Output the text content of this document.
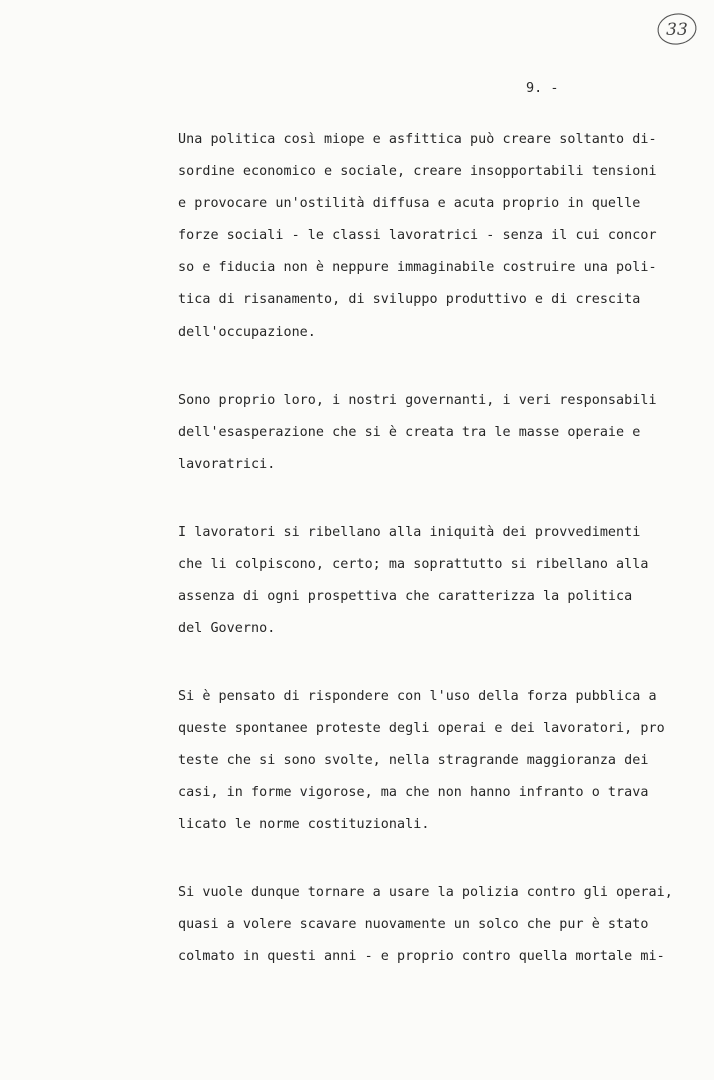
33
9. -
Una politica così miope e asfittica può creare soltanto di-
sordine economico e sociale, creare insopportabili tensioni
e provocare un'ostilità diffusa e acuta proprio in quelle
forze sociali - le classi lavoratrici - senza il cui concor
so e fiducia non è neppure immaginabile costruire una poli-
tica di risanamento, di sviluppo produttivo e di crescita
dell'occupazione.
Sono proprio loro, i nostri governanti, i veri responsabili
dell'esasperazione che si è creata tra le masse operaie e
lavoratrici.
I lavoratori si ribellano alla iniquità dei provvedimenti
che li colpiscono, certo; ma soprattutto si ribellano alla
assenza di ogni prospettiva che caratterizza la politica
del Governo.
Si è pensato di rispondere con l'uso della forza pubblica a
queste spontanee proteste degli operai e dei lavoratori, pro
teste che si sono svolte, nella stragrande maggioranza dei
casi, in forme vigorose, ma che non hanno infranto o trava
licato le norme costituzionali.
Si vuole dunque tornare a usare la polizia contro gli operai,
quasi a volere scavare nuovamente un solco che pur è stato
colmato in questi anni - e proprio contro quella mortale mi-
